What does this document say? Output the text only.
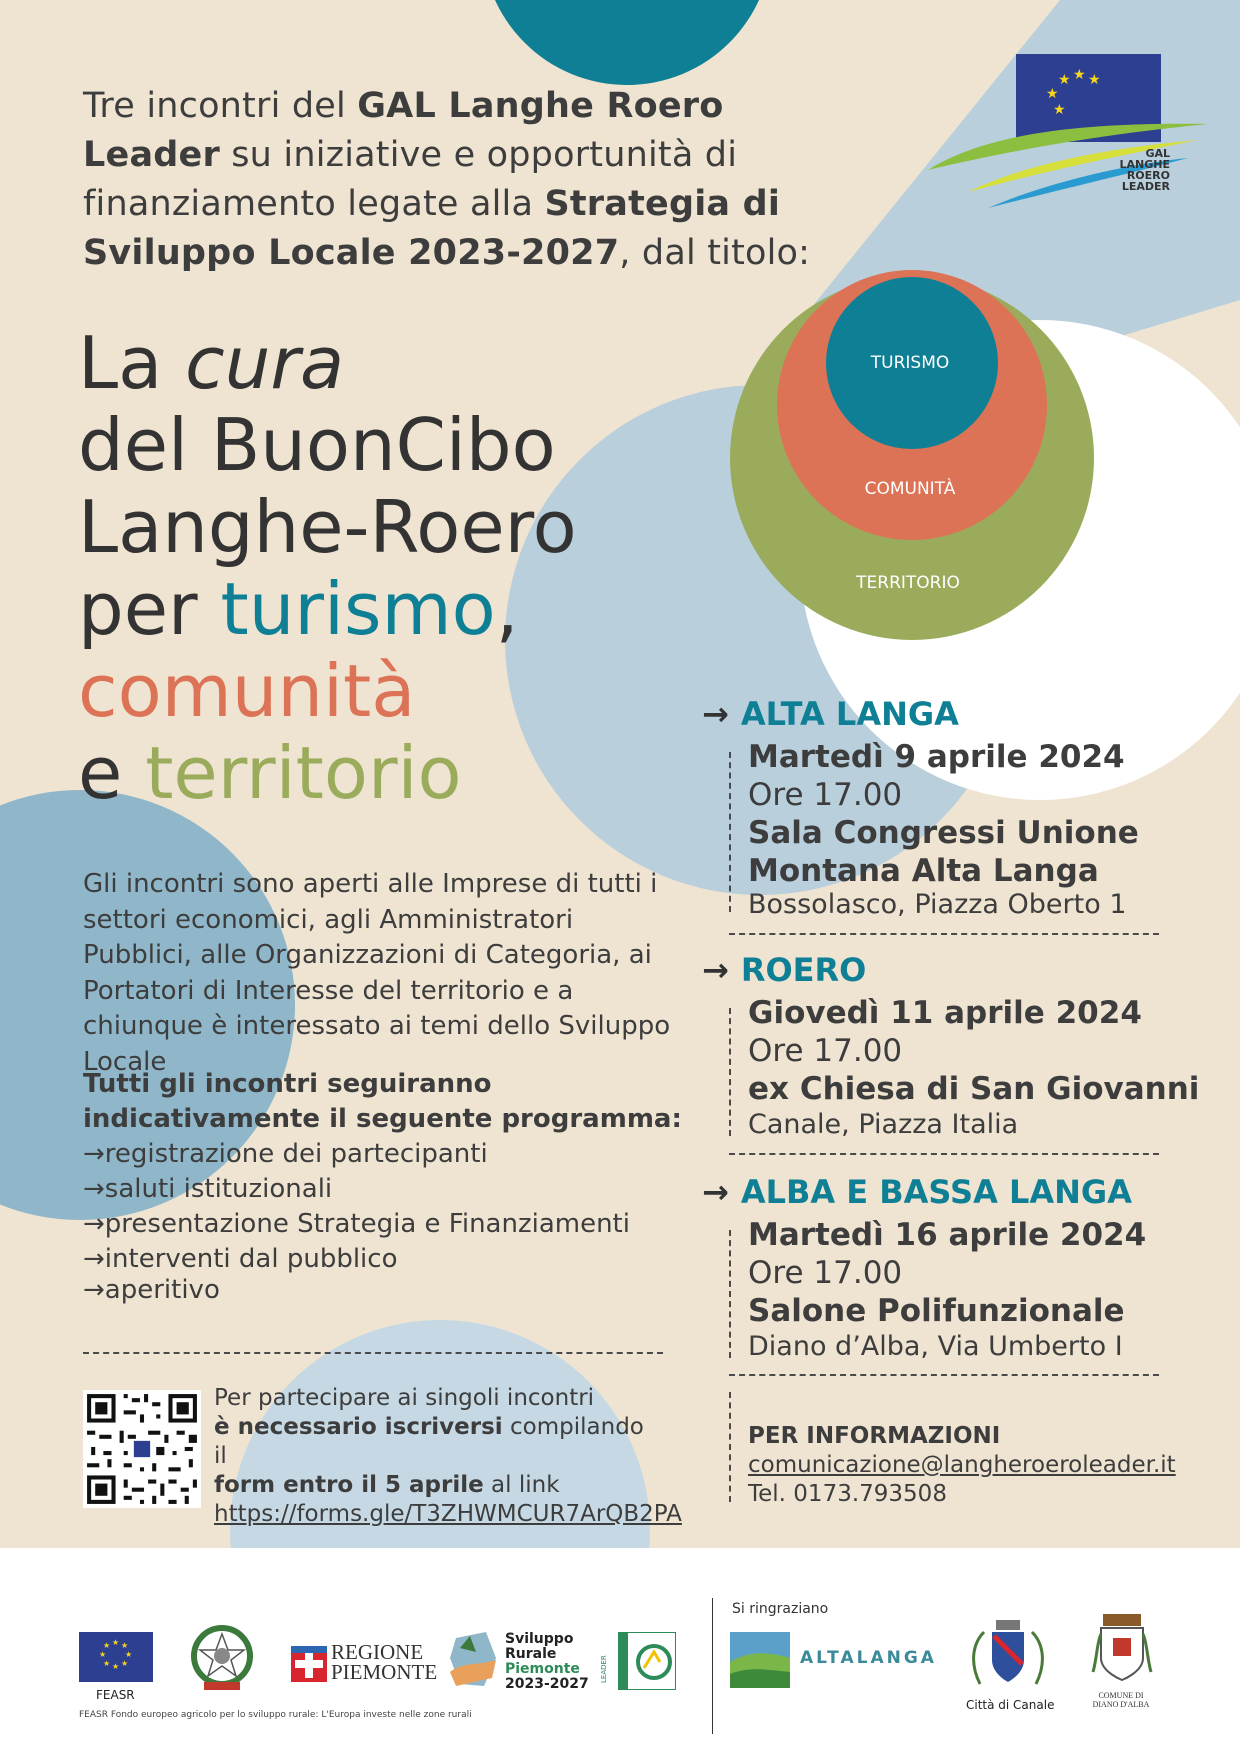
★ ★ ★
★
★
GAL
LANGHE
ROERO
LEADER
Tre incontri del GAL Langhe Roero Leader su iniziative e opportunità di finanziamento legate alla Strategia di Sviluppo Locale 2023-2027, dal titolo:
La cura
del BuonCibo
Langhe-Roero
per turismo,
comunità
e territorio
TURISMO
COMUNITÀ
TERRITORIO
Gli incontri sono aperti alle Imprese di tutti i settori economici, agli Amministratori Pubblici, alle Organizzazioni di Categoria, ai Portatori di Interesse del territorio e a chiunque è interessato ai temi dello Sviluppo Locale
Tutti gli incontri seguiranno
indicativamente il seguente programma:
→registrazione dei partecipanti
→saluti istituzionali
→presentazione Strategia e Finanziamenti
→interventi dal pubblico
→aperitivo
→ ALTA LANGA
Martedì 9 aprile 2024
Ore 17.00
Sala Congressi Unione
Montana Alta Langa
Bossolasco, Piazza Oberto 1
→ ROERO
Giovedì 11 aprile 2024
Ore 17.00
ex Chiesa di San Giovanni
Canale, Piazza Italia
→ ALBA E BASSA LANGA
Martedì 16 aprile 2024
Ore 17.00
Salone Polifunzionale
Diano d’Alba, Via Umberto I
Per partecipare ai singoli incontri
è necessario iscriversi compilando il
form entro il 5 aprile al link
https://forms.gle/T3ZHWMCUR7ArQB2PA
PER INFORMAZIONI
comunicazione@langheroeroleader.it
Tel. 0173.793508
★ ★
★
★
★
★
★
★
FEASR
FEASR Fondo europeo agricolo per lo sviluppo rurale: L'Europa investe nelle zone rurali
REGIONE
PIEMONTE
Sviluppo
Rurale
Piemonte
2023-2027
LEADER
Si ringraziano
ALTALANGA
Città di Canale
COMUNE DI
DIANO D'ALBA
